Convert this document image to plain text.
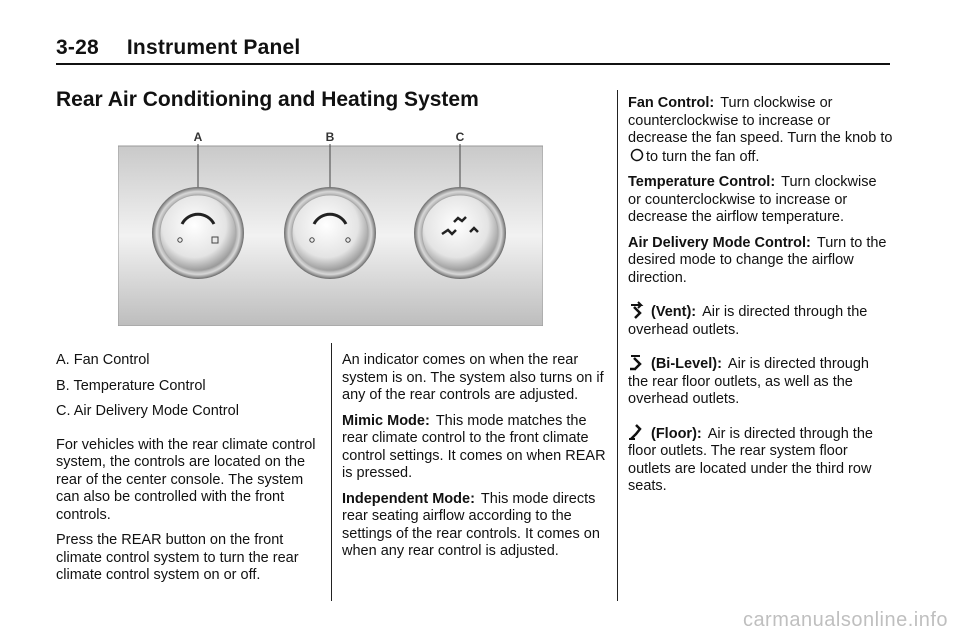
3-28 Instrument Panel
Rear Air Conditioning and Heating System
A	B	C

A. Fan Control

B. Temperature Control

C. Air Delivery Mode Control

For vehicles with the rear climate control system, the controls are located on the rear of the center console. The system can also be controlled with the front controls.

Press the REAR button on the front climate control system to turn the rear climate control system on or off.

An indicator comes on when the rear system is on. The system also turns on if any of the rear controls are adjusted.

Mimic Mode: This mode matches the rear climate control to the front climate control settings. It comes on when REAR is pressed.

Independent Mode: This mode directs rear seating airflow according to the settings of the rear controls. It comes on when any rear control is adjusted.

Fan Control: Turn clockwise or counterclockwise to increase or decrease the fan speed. Turn the knob to to turn the fan off.

Temperature Control: Turn clockwise or counterclockwise to increase or decrease the airflow temperature.

Air Delivery Mode Control: Turn to the desired mode to change the airflow direction.

(Vent): Air is directed through the overhead outlets.

(Bi-Level): Air is directed through the rear floor outlets, as well as the overhead outlets.

(Floor): Air is directed through the floor outlets. The rear system floor outlets are located under the third row seats.

carmanualsonline.info
